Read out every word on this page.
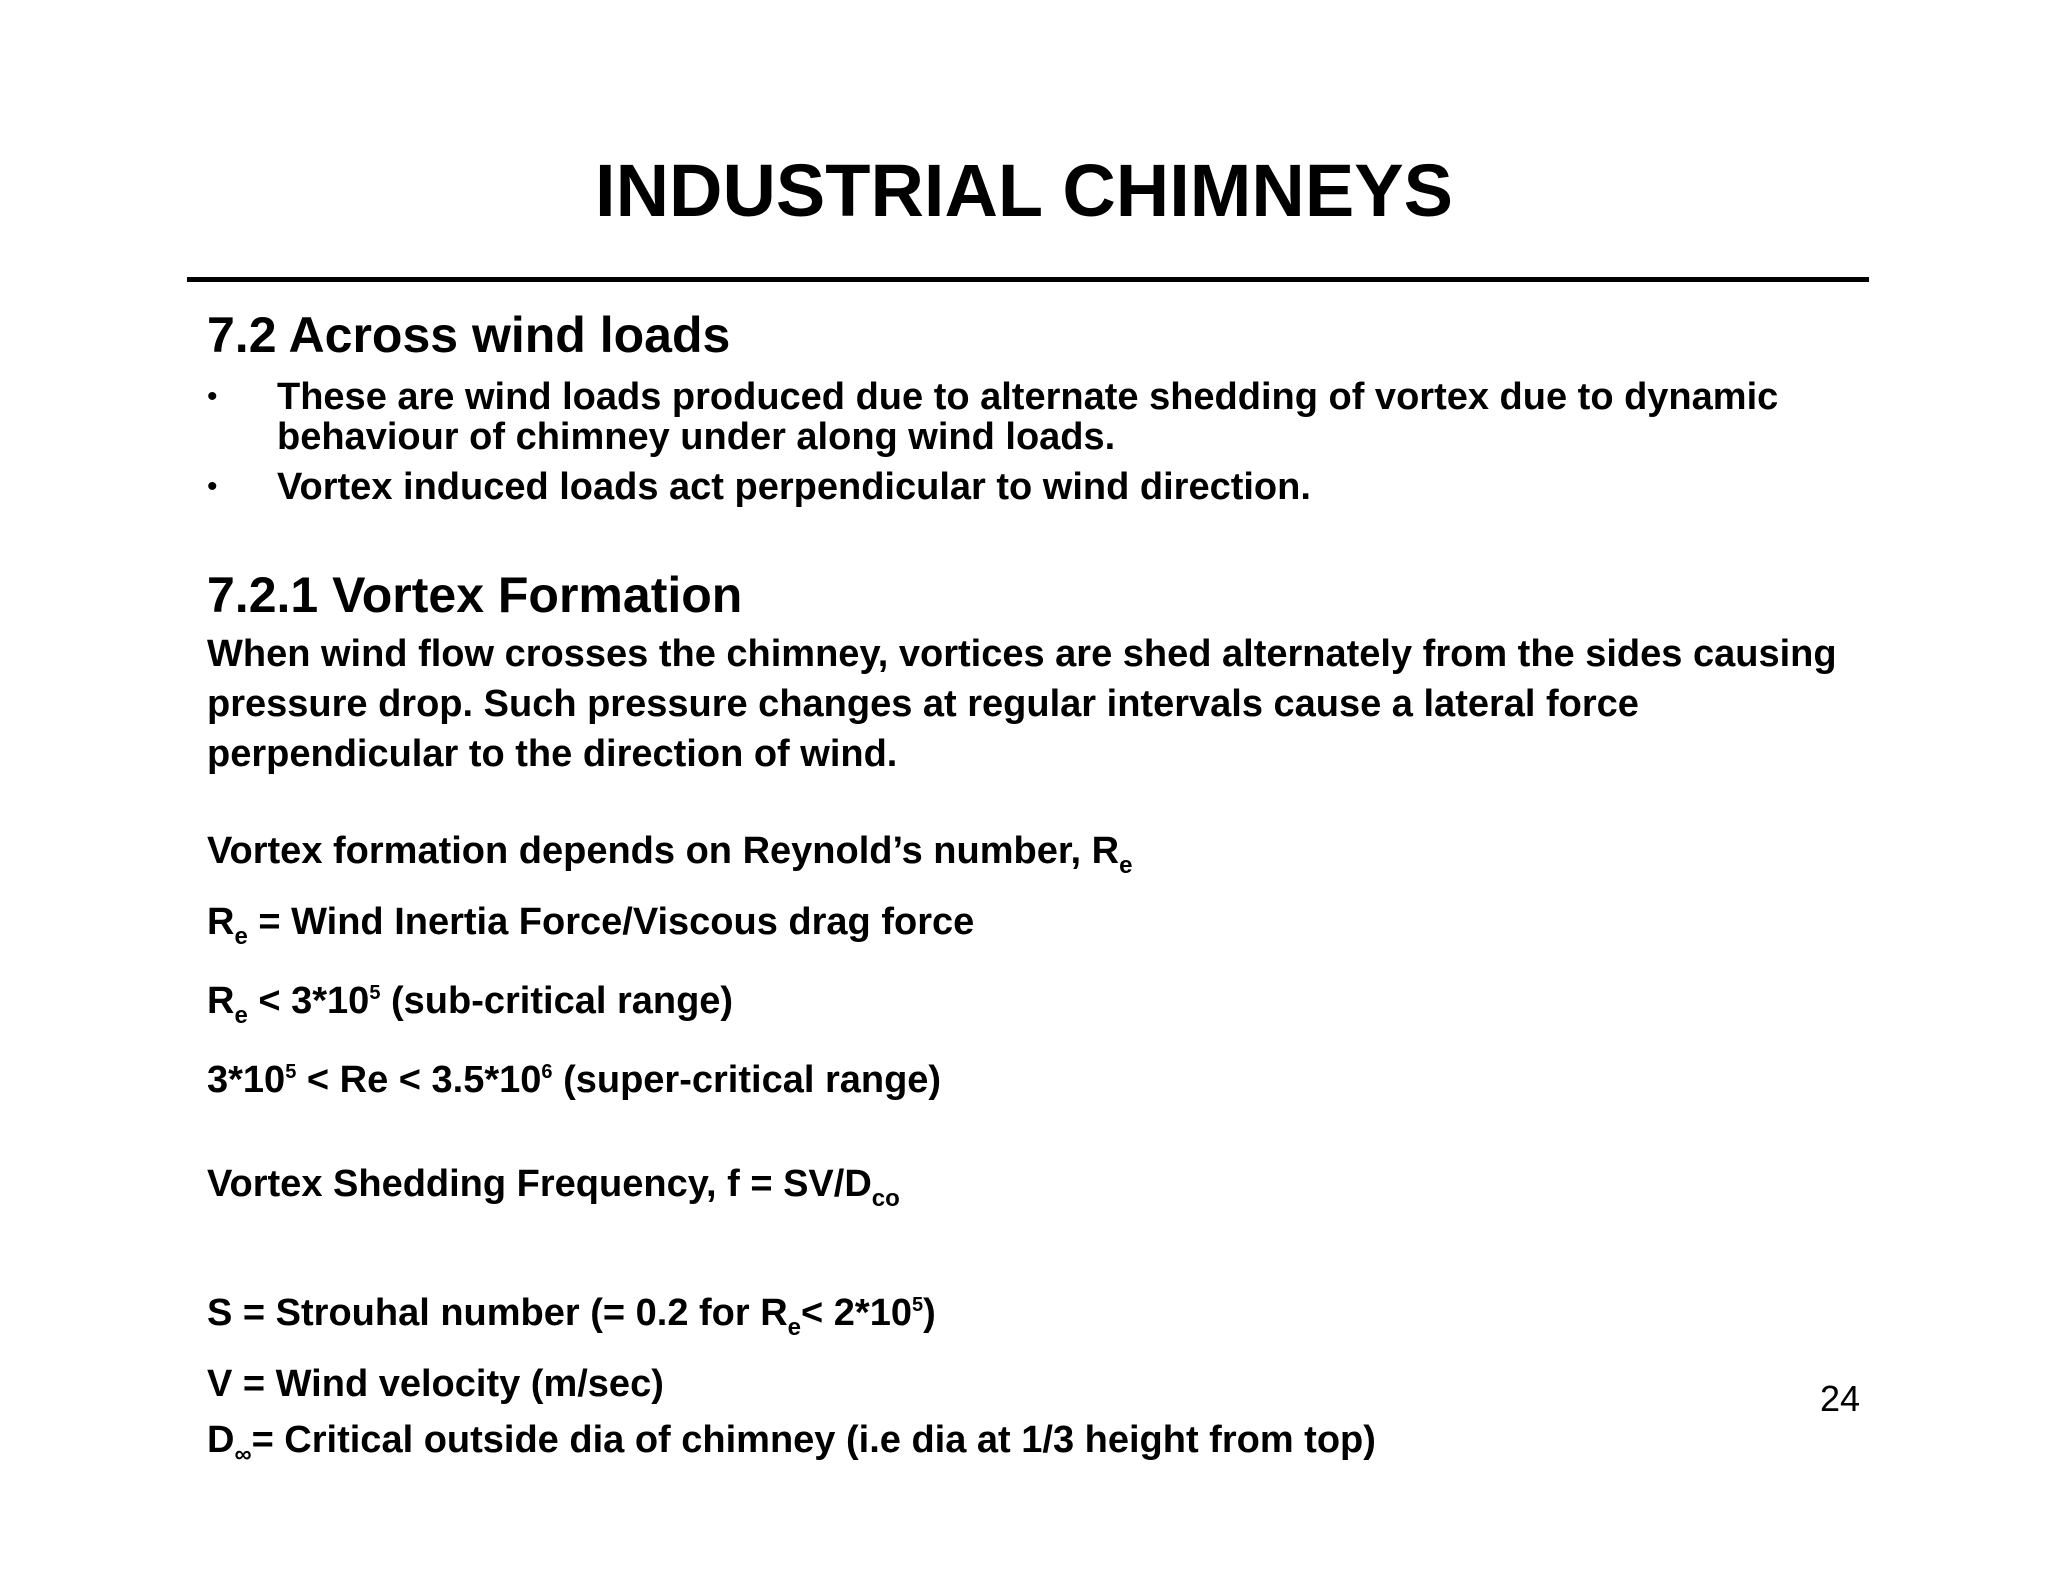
INDUSTRIAL CHIMNEYS
7.2 Across wind loads
• These are wind loads produced due to alternate shedding of vortex due to dynamic behaviour of chimney under along wind loads.
• Vortex induced loads act perpendicular to wind direction.
7.2.1 Vortex Formation

When wind flow crosses the chimney, vortices are shed alternately from the sides causing pressure drop. Such pressure changes at regular intervals cause a lateral force perpendicular to the direction of wind.

Vortex formation depends on Reynold’s number, $R_e$
$R_e$ = Wind Inertia Force/Viscous drag force
$R_e < 3*10^5$ (sub-critical range)
$3*10^5 < Re < 3.5*10^6$ (super-critical range)
Vortex Shedding Frequency, $f = SV/D_{co}$
S = Strouhal number (= 0.2 for $R_e< 2*10^5$)
V = Wind velocity (m/sec)
$D_\infty=$ Critical outside dia of chimney (i.e dia at 1/3 height from top)
24
